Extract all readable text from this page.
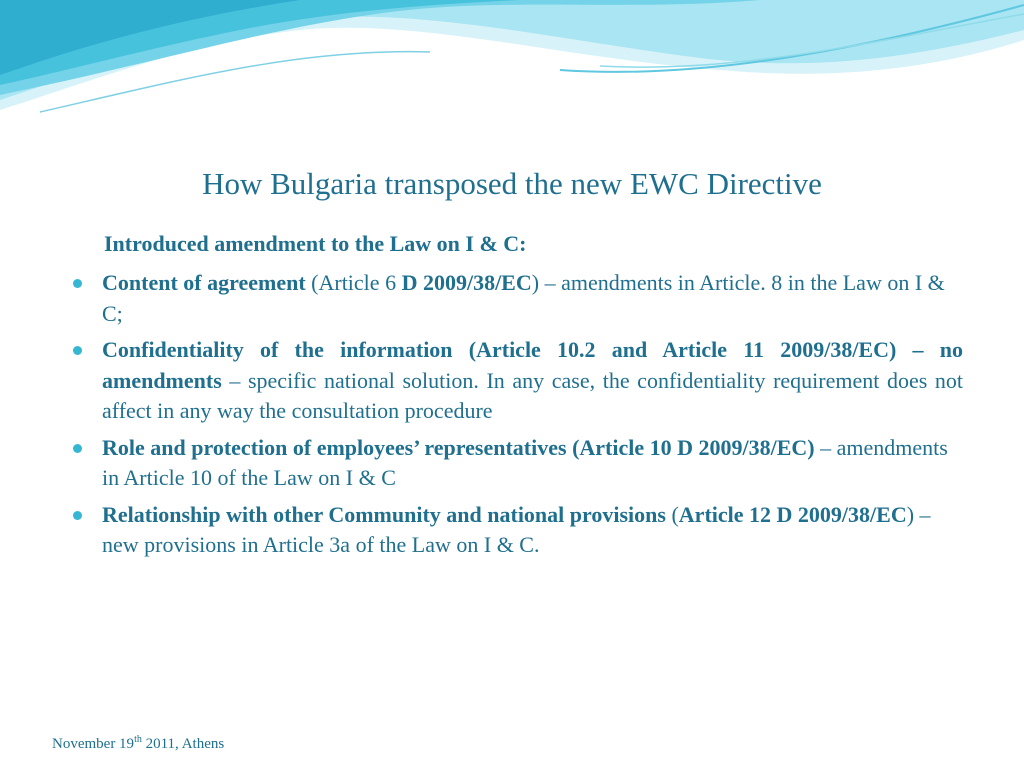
How Bulgaria transposed the new EWC Directive
Introduced amendment to the Law on I & C:
Content of agreement (Article 6 D 2009/38/EC) – amendments in Article. 8 in the Law on I & C;
Confidentiality of the information (Article 10.2 and Article 11 2009/38/EC) – no amendments – specific national solution. In any case, the confidentiality requirement does not affect in any way the consultation procedure
Role and protection of employees’ representatives (Article 10 D 2009/38/EC) – amendments in Article 10 of the Law on I & C
Relationship with other Community and national provisions (Article 12 D 2009/38/EC) – new provisions in Article 3a of the Law on I & C.
November 19th 2011, Athens
